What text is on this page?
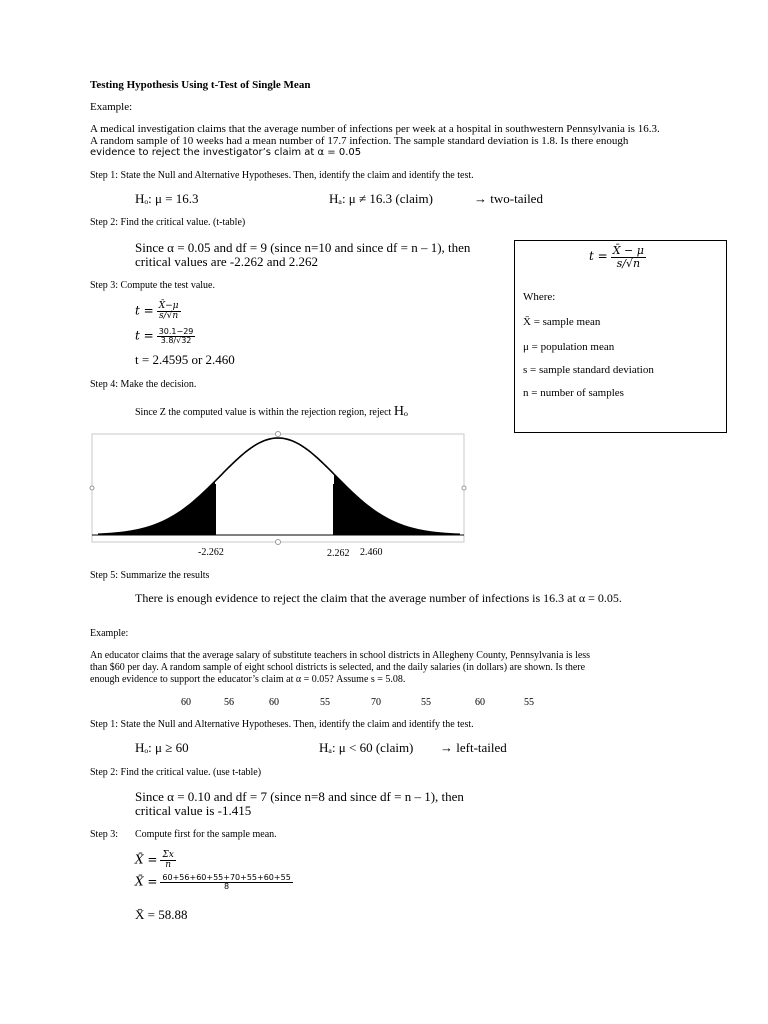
Testing Hypothesis Using t-Test of Single Mean
Example:
A medical investigation claims that the average number of infections per week at a hospital in southwestern Pennsylvania is 16.3.
A random sample of 10 weeks had a mean number of 17.7 infection. The sample standard deviation is 1.8. Is there enough
evidence to reject the investigator’s claim at α = 0.05
Step 1: State the Null and Alternative Hypotheses. Then, identify the claim and identify the test.
Hₒ: μ = 16.3	Hₐ: μ ≠ 16.3 (claim)	→ two-tailed
Step 2: Find the critical value. (t-table)
Since α = 0.05 and df = 9 (since n=10 and since df = n – 1), then
critical values are -2.262 and 2.262
Step 3: Compute the test value.
$t = \frac{X̄-\mu}{s/√n}$
$t = \frac{30.1-29}{3.8/√32}$
t = 2.4595 or 2.460
Step 4: Make the decision.
Since Z the computed value is within the rejection region, reject Hₒ
$t = \frac{X̄ - \mu}{s/√n}$
Where:
X̄ = sample mean
μ = population mean
s = sample standard deviation
n = number of samples
-2.262	2.262 2.460
Step 5: Summarize the results
There is enough evidence to reject the claim that the average number of infections is 16.3 at α = 0.05.
Example:
An educator claims that the average salary of substitute teachers in school districts in Allegheny County, Pennsylvania is less
than $60 per day. A random sample of eight school districts is selected, and the daily salaries (in dollars) are shown. Is there
enough evidence to support the educator’s claim at α = 0.05? Assume s = 5.08.
60	56	60	55	70	55	60	55
Step 1: State the Null and Alternative Hypotheses. Then, identify the claim and identify the test.
Hₒ: μ ≥ 60	Hₐ: μ < 60 (claim) → left-tailed
Step 2: Find the critical value. (use t-table)
Since α = 0.10 and df = 7 (since n=8 and since df = n – 1), then
critical value is -1.415
Step 3: Compute first for the sample mean.
X̄ = $\frac{\Sigma x}{n}$
X̄ = $\frac{60+56+60+55+70+55+60+55}{8}$
X̄ = 58.88
